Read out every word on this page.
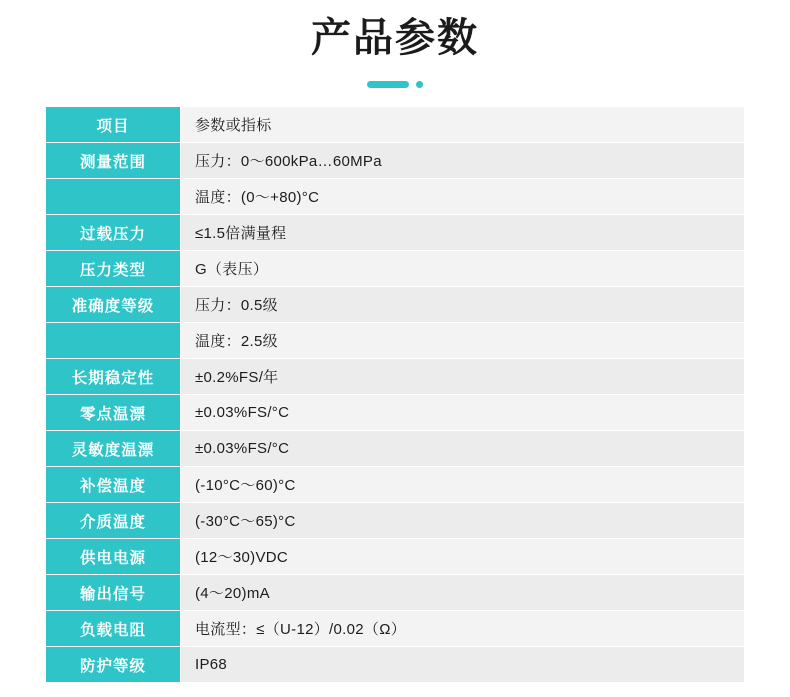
产品参数
项目	参数或指标
测量范围	压力：0～600kPa…60MPa
	温度：(0～+80)°C
过载压力	≤1.5倍满量程
压力类型	G（表压）
准确度等级	压力：0.5级
	温度：2.5级
长期稳定性	±0.2%FS/年
零点温漂	±0.03%FS/°C
灵敏度温漂	±0.03%FS/°C
补偿温度	(-10°C～60)°C
介质温度	(-30°C～65)°C
供电电源	(12～30)VDC
输出信号	(4～20)mA
负载电阻	电流型：≤（U-12）/0.02（Ω）
防护等级	IP68
